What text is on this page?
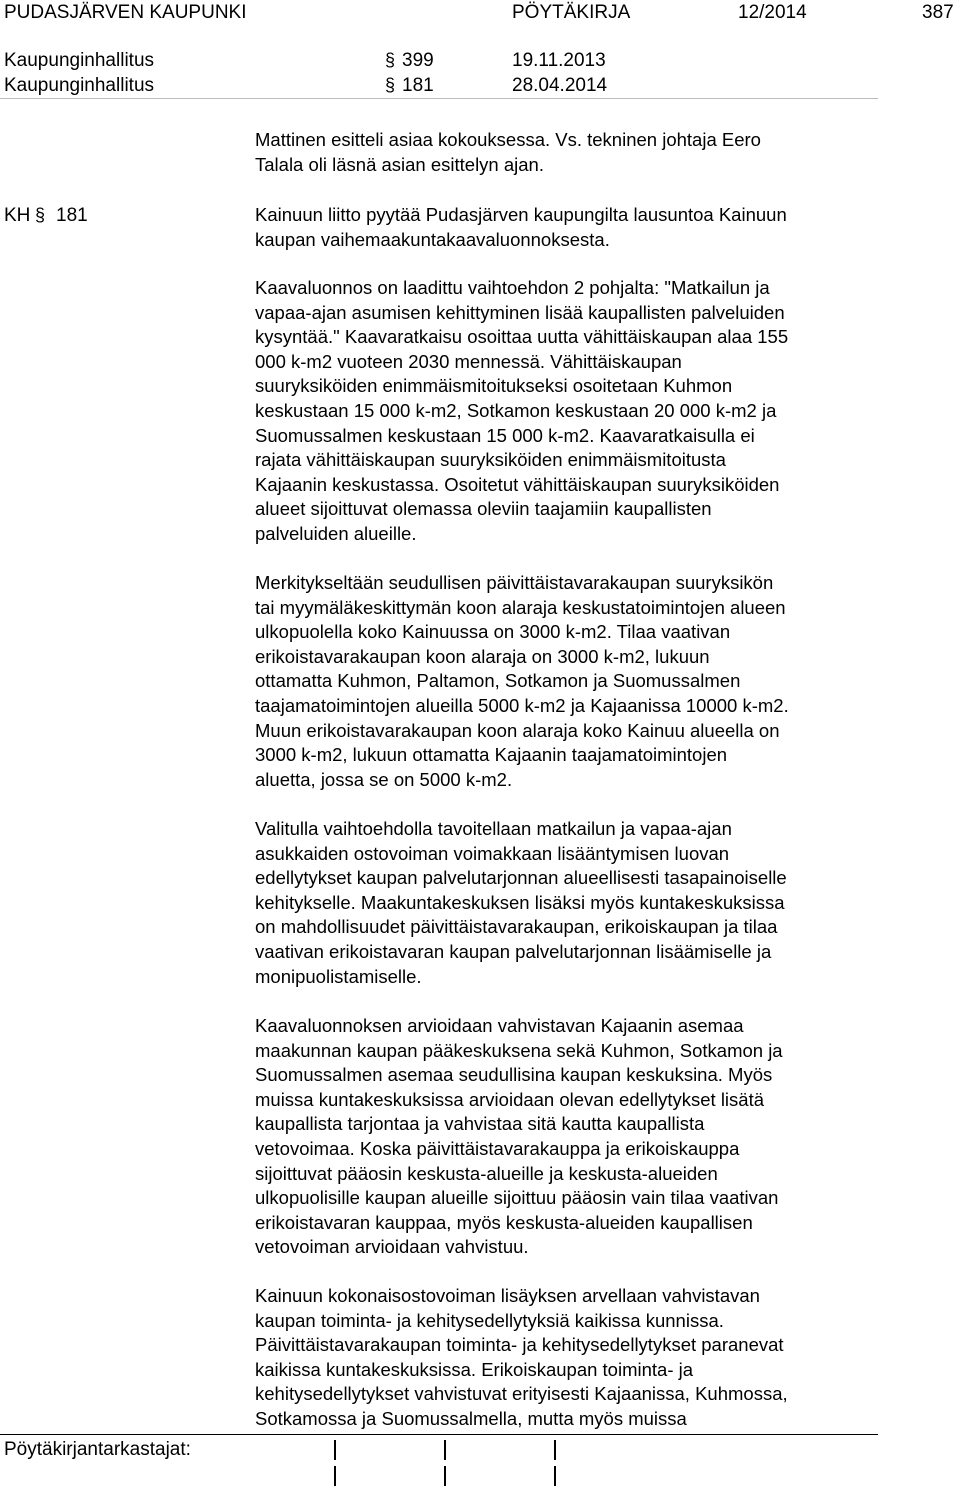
PUDASJÄRVEN KAUPUNKI	PÖYTÄKIRJA	12/2014	387
Kaupunginhallitus	§ 399	19.11.2013
Kaupunginhallitus	§ 181	28.04.2014
KH § 181
Mattinen esitteli asiaa kokouksessa. Vs. tekninen johtaja Eero
Talala oli läsnä asian esittelyn ajan.
Kainuun liitto pyytää Pudasjärven kaupungilta lausuntoa Kainuun
kaupan vaihemaakuntakaavaluonnoksesta.
Kaavaluonnos on laadittu vaihtoehdon 2 pohjalta: "Matkailun ja
vapaa-ajan asumisen kehittyminen lisää kaupallisten palveluiden
kysyntää." Kaavaratkaisu osoittaa uutta vähittäiskaupan alaa 155
000 k-m2 vuoteen 2030 mennessä. Vähittäiskaupan
suuryksiköiden enimmäismitoitukseksi osoitetaan Kuhmon
keskustaan 15 000 k-m2, Sotkamon keskustaan 20 000 k-m2 ja
Suomussalmen keskustaan 15 000 k-m2. Kaavaratkaisulla ei
rajata vähittäiskaupan suuryksiköiden enimmäismitoitusta
Kajaanin keskustassa. Osoitetut vähittäiskaupan suuryksiköiden
alueet sijoittuvat olemassa oleviin taajamiin kaupallisten
palveluiden alueille.
Merkitykseltään seudullisen päivittäistavarakaupan suuryksikön
tai myymäläkeskittymän koon alaraja keskustatoimintojen alueen
ulkopuolella koko Kainuussa on 3000 k-m2. Tilaa vaativan
erikoistavarakaupan koon alaraja on 3000 k-m2, lukuun
ottamatta Kuhmon, Paltamon, Sotkamon ja Suomussalmen
taajamatoimintojen alueilla 5000 k-m2 ja Kajaanissa 10000 k-m2.
Muun erikoistavarakaupan koon alaraja koko Kainuu alueella on
3000 k-m2, lukuun ottamatta Kajaanin taajamatoimintojen
aluetta, jossa se on 5000 k-m2.
Valitulla vaihtoehdolla tavoitellaan matkailun ja vapaa-ajan
asukkaiden ostovoiman voimakkaan lisääntymisen luovan
edellytykset kaupan palvelutarjonnan alueellisesti tasapainoiselle
kehitykselle. Maakuntakeskuksen lisäksi myös kuntakeskuksissa
on mahdollisuudet päivittäistavarakaupan, erikoiskaupan ja tilaa
vaativan erikoistavaran kaupan palvelutarjonnan lisäämiselle ja
monipuolistamiselle.
Kaavaluonnoksen arvioidaan vahvistavan Kajaanin asemaa
maakunnan kaupan pääkeskuksena sekä Kuhmon, Sotkamon ja
Suomussalmen asemaa seudullisina kaupan keskuksina. Myös
muissa kuntakeskuksissa arvioidaan olevan edellytykset lisätä
kaupallista tarjontaa ja vahvistaa sitä kautta kaupallista
vetovoimaa. Koska päivittäistavarakauppa ja erikoiskauppa
sijoittuvat pääosin keskusta-alueille ja keskusta-alueiden
ulkopuolisille kaupan alueille sijoittuu pääosin vain tilaa vaativan
erikoistavaran kauppaa, myös keskusta-alueiden kaupallisen
vetovoiman arvioidaan vahvistuu.
Kainuun kokonaisostovoiman lisäyksen arvellaan vahvistavan
kaupan toiminta- ja kehitysedellytyksiä kaikissa kunnissa.
Päivittäistavarakaupan toiminta- ja kehitysedellytykset paranevat
kaikissa kuntakeskuksissa. Erikoiskaupan toiminta- ja
kehitysedellytykset vahvistuvat erityisesti Kajaanissa, Kuhmossa,
Sotkamossa ja Suomussalmella, mutta myös muissa
Pöytäkirjantarkastajat:
